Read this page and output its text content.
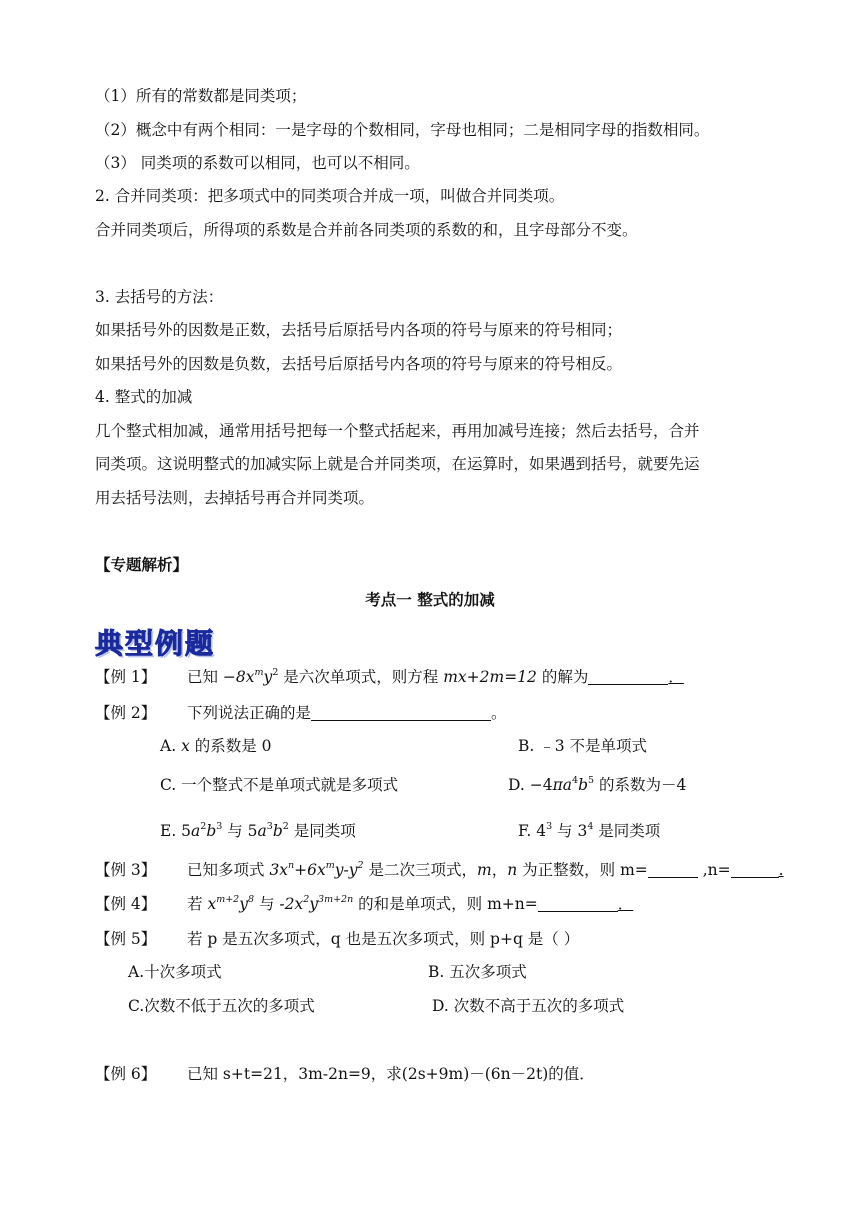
（1）所有的常数都是同类项；
（2）概念中有两个相同：一是字母的个数相同，字母也相同；二是相同字母的指数相同。
（3） 同类项的系数可以相同，也可以不相同。
2. 合并同类项：把多项式中的同类项合并成一项，叫做合并同类项。
合并同类项后，所得项的系数是合并前各同类项的系数的和，且字母部分不变。
3. 去括号的方法：
如果括号外的因数是正数，去括号后原括号内各项的符号与原来的符号相同；
如果括号外的因数是负数，去括号后原括号内各项的符号与原来的符号相反。
4. 整式的加减
几个整式相加减，通常用括号把每一个整式括起来，再用加减号连接；然后去括号，合并
同类项。这说明整式的加减实际上就是合并同类项，在运算时，如果遇到括号，就要先运
用去括号法则，去掉括号再合并同类项。
【专题解析】
考点一 整式的加减
典型例题
【例 1】 已知 $-8x^my^2$ 是六次单项式，则方程 mx+2m=12 的解为	．
【例 2】 下列说法正确的是	。
A. x 的系数是 0	B. ﹣3 不是单项式
C. 一个整式不是单项式就是多项式	D. $-4\pi a^4b^5$ 的系数为－4
E. $5a^2b^3$ 与 $5a^3b^2$ 是同类项	F. $4^3$ 与 $3^4$ 是同类项
【例 3】 已知多项式 $3x^n+6x^my-y^2$ 是二次三项式，m，n 为正整数，则 m=	,n=	.
【例 4】 若 $x^{m+2}y^8$ 与 $-2x^2y^{3m+2n}$ 的和是单项式，则 m+n=	．
【例 5】 若 p 是五次多项式，q 也是五次多项式，则 p+q 是（ ）
A.十次多项式	B. 五次多项式
C.次数不低于五次的多项式	D. 次数不高于五次的多项式
【例 6】 已知 s+t=21，3m-2n=9，求(2s+9m)－(6n－2t)的值．
